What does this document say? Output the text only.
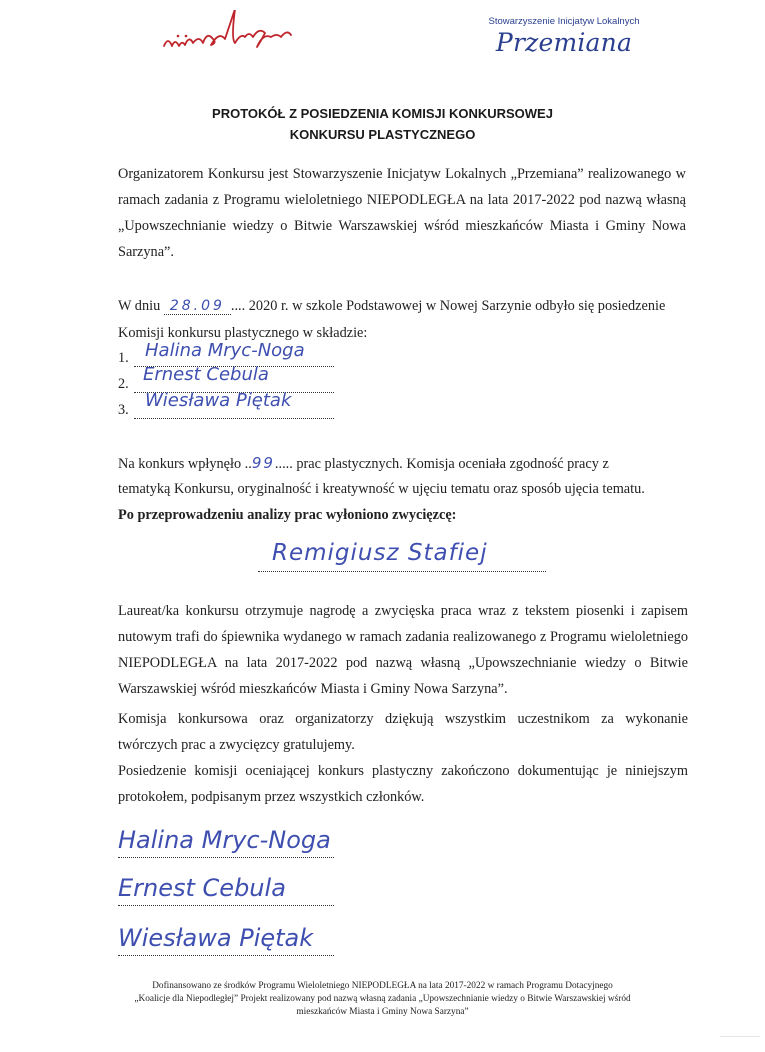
Stowarzyszenie Inicjatyw Lokalnych
Przemiana
PROTOKÓŁ Z POSIEDZENIA KOMISJI KONKURSOWEJ
KONKURSU PLASTYCZNEGO
Organizatorem Konkursu jest Stowarzyszenie Inicjatyw Lokalnych „Przemiana” realizowanego w ramach zadania z Programu wieloletniego NIEPODLEGŁA na lata 2017-2022 pod nazwą własną „Upowszechnianie wiedzy o Bitwie Warszawskiej wśród mieszkańców Miasta i Gminy Nowa Sarzyna”.
W dniu 28.09 .... 2020 r. w szkole Podstawowej w Nowej Sarzynie odbyło się posiedzenie
Komisji konkursu plastycznego w składzie:
1. Halina Mryc-Noga
2. Ernest Cebula
3. Wiesława Piętak
Na konkurs wpłynęło ..99..... prac plastycznych. Komisja oceniała zgodność pracy z
tematyką Konkursu, oryginalność i kreatywność w ujęciu tematu oraz sposób ujęcia tematu.
Po przeprowadzeniu analizy prac wyłoniono zwycięzcę:
Remigiusz Stafiej
Laureat/ka konkursu otrzymuje nagrodę a zwycięska praca wraz z tekstem piosenki i zapisem nutowym trafi do śpiewnika wydanego w ramach zadania realizowanego z Programu wieloletniego NIEPODLEGŁA na lata 2017-2022 pod nazwą własną „Upowszechnianie wiedzy o Bitwie Warszawskiej wśród mieszkańców Miasta i Gminy Nowa Sarzyna”.
Komisja konkursowa oraz organizatorzy dziękują wszystkim uczestnikom za wykonanie twórczych prac a zwycięzcy gratulujemy.
Posiedzenie komisji oceniającej konkurs plastyczny zakończono dokumentując je niniejszym protokołem, podpisanym przez wszystkich członków.
Halina Mryc-Noga
Ernest Cebula
Wiesława Piętak
Dofinansowano ze środków Programu Wieloletniego NIEPODLEGŁA na lata 2017-2022 w ramach Programu Dotacyjnego
„Koalicje dla Niepodległej” Projekt realizowany pod nazwą własną zadania „Upowszechnianie wiedzy o Bitwie Warszawskiej wśród
mieszkańców Miasta i Gminy Nowa Sarzyna”
